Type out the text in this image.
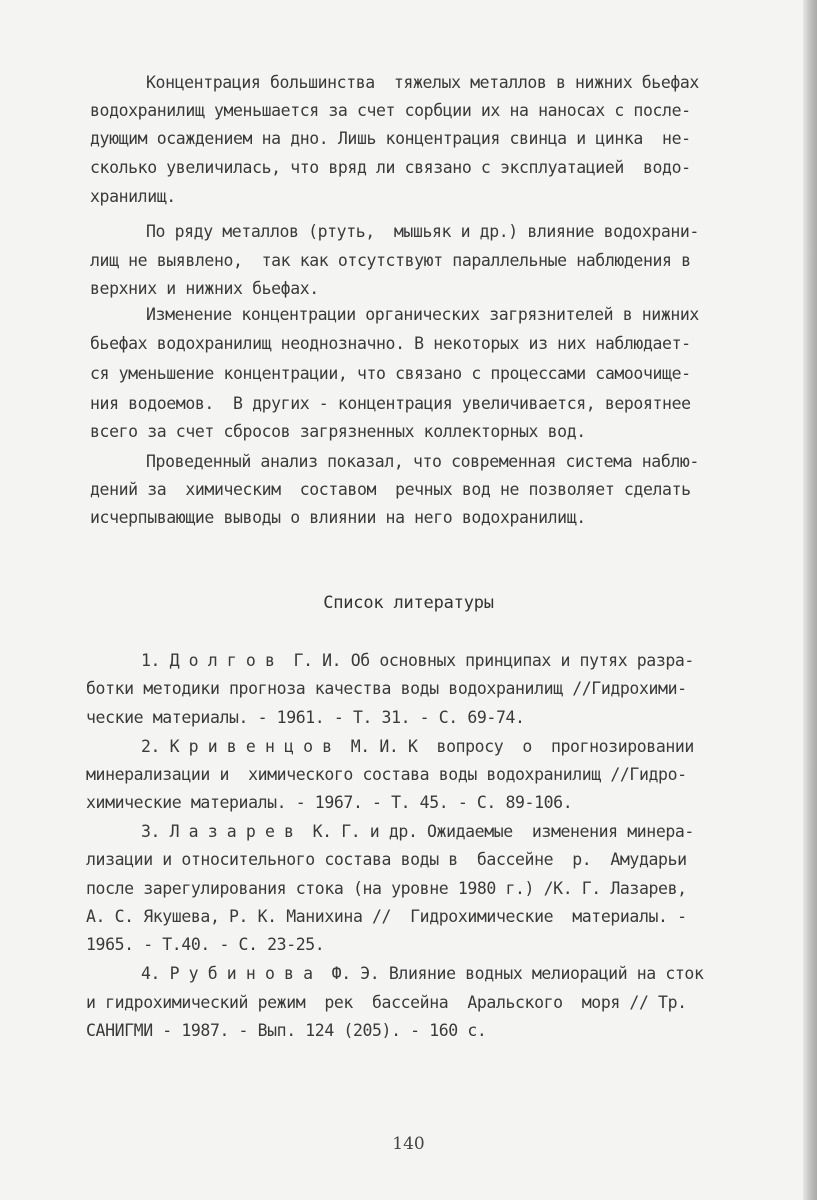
Концентрация большинства  тяжелых металлов в нижних бьефах
водохранилищ уменьшается за счет сорбции их на наносах с после-
дующим осаждением на дно. Лишь концентрация свинца и цинка  не-
сколько увеличилась, что вряд ли связано с эксплуатацией  водо-
хранилищ.
По ряду металлов (ртуть,  мышьяк и др.) влияние водохрани-
лищ не выявлено,  так как отсутствуют параллельные наблюдения в
верхних и нижних бьефах.
Изменение концентрации органических загрязнителей в нижних
бьефах водохранилищ неоднозначно. В некоторых из них наблюдает-
ся уменьшение концентрации, что связано с процессами самоочище-
ния водоемов.  В других - концентрация увеличивается, вероятнее
всего за счет сбросов загрязненных коллекторных вод.
Проведенный анализ показал, что современная система наблю-
дений за  химическим  составом  речных вод не позволяет сделать
исчерпывающие выводы о влиянии на него водохранилищ.
Список литературы
1. Д о л г о в  Г. И. Об основных принципах и путях разра-
ботки методики прогноза качества воды водохранилищ //Гидрохими-
ческие материалы. - 1961. - Т. 31. - С. 69-74.
2. К р и в е н ц о в  М. И. К  вопросу  о  прогнозировании
минерализации и  химического состава воды водохранилищ //Гидро-
химические материалы. - 1967. - Т. 45. - С. 89-106.
3. Л а з а р е в  К. Г. и др. Ожидаемые  изменения минера-
лизации и относительного состава воды в  бассейне  р.  Амударьи
после зарегулирования стока (на уровне 1980 г.) /К. Г. Лазарев,
А. С. Якушева, Р. К. Манихина //  Гидрохимические  материалы. -
1965. - Т.40. - С. 23-25.
4. Р у б и н о в а  Ф. Э. Влияние водных мелиораций на сток
и гидрохимический режим  рек  бассейна  Аральского  моря // Тр.
САНИГМИ - 1987. - Вып. 124 (205). - 160 с.
140
